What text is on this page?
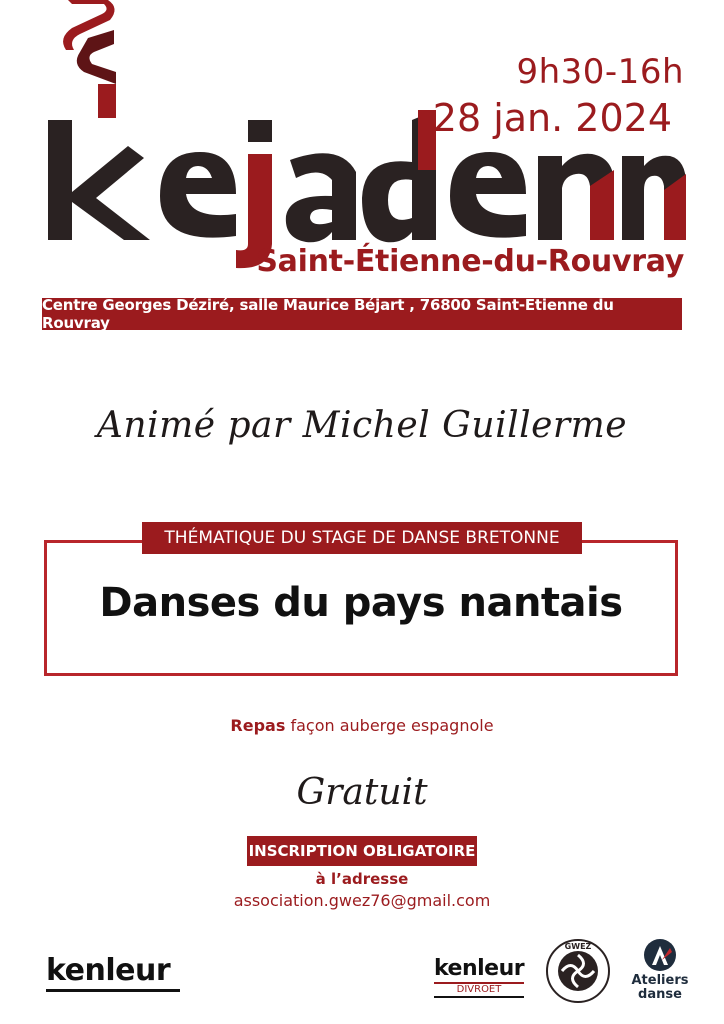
9h30-16h
28 jan. 2024
Saint-Étienne-du-Rouvray
Centre Georges Déziré, salle Maurice Béjart , 76800 Saint-Etienne du Rouvray
Animé par Michel Guillerme
THÉMATIQUE DU STAGE DE DANSE BRETONNE
Danses du pays nantais
Repas façon auberge espagnole
Gratuit
INSCRIPTION OBLIGATOIRE
à l’adresse
association.gwez76@gmail.com
kenleur	kenleur
DIVROET
GWEZ
Ateliers
danse
